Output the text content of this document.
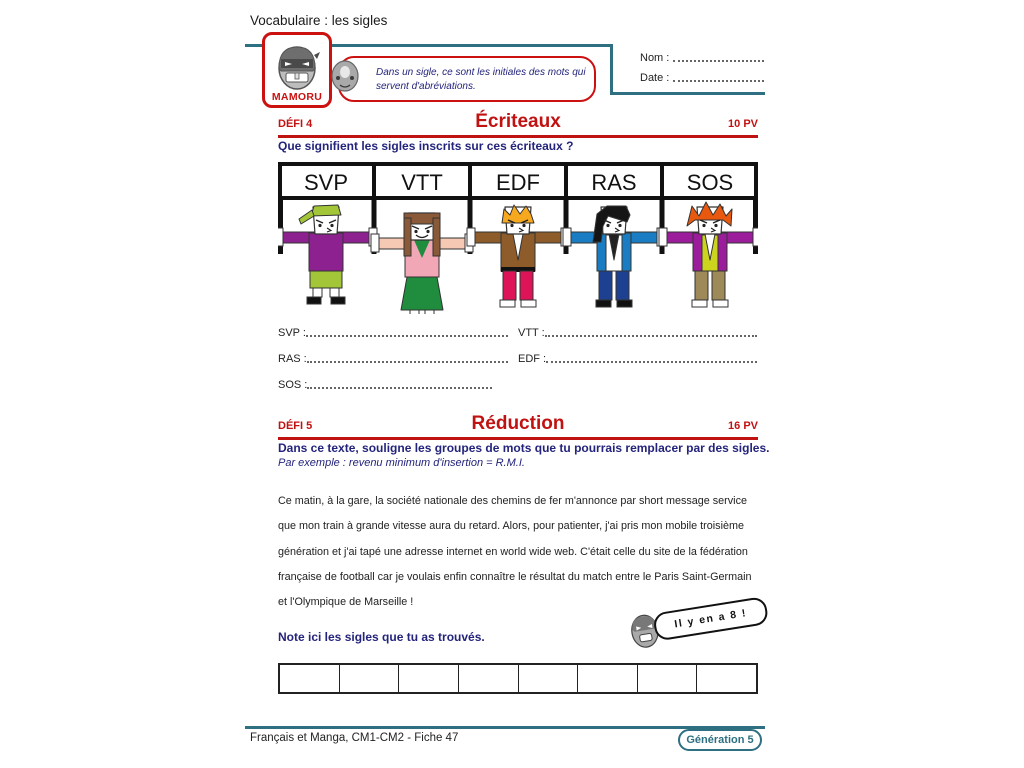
Vocabulaire : les sigles
Nom :
Date :
MAMORU
Dans un sigle, ce sont les initiales des mots qui servent d'abréviations.
DÉFI 4	Écriteaux	10 PV
Que signifient les sigles inscrits sur ces écriteaux ?
SVP VTT EDF RAS SOS
SVP :	VTT :
RAS :	EDF :
SOS :
DÉFI 5	Réduction	16 PV
Dans ce texte, souligne les groupes de mots que tu pourrais remplacer par des sigles.
Par exemple : revenu minimum d'insertion = R.M.I.
Ce matin, à la gare, la société nationale des chemins de fer m'annonce par short message service
que mon train à grande vitesse aura du retard. Alors, pour patienter, j'ai pris mon mobile troisième
génération et j'ai tapé une adresse internet en world wide web. C'était celle du site de la fédération
française de football car je voulais enfin connaître le résultat du match entre le Paris Saint-Germain
et l'Olympique de Marseille !
Il y en a 8 !
Note ici les sigles que tu as trouvés.
Français et Manga, CM1-CM2 - Fiche 47	Génération 5
